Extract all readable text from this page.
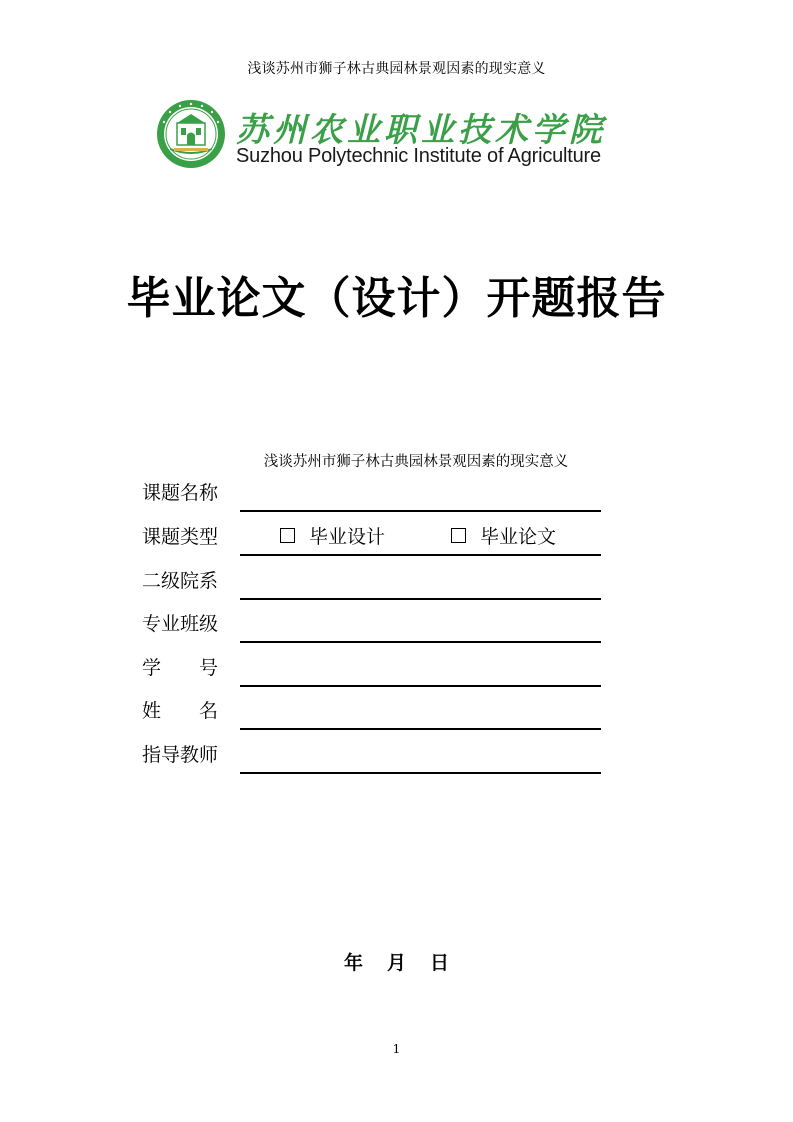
浅谈苏州市狮子林古典园林景观因素的现实意义
苏州农业职业技术学院
Suzhou Polytechnic Institute of Agriculture
毕业论文（设计）开题报告
浅谈苏州市狮子林古典园林景观因素的现实意义
课题名称
课题类型	毕业设计	毕业论文
二级院系
专业班级
学　　号
姓　　名
指导教师
年 月 日
1
